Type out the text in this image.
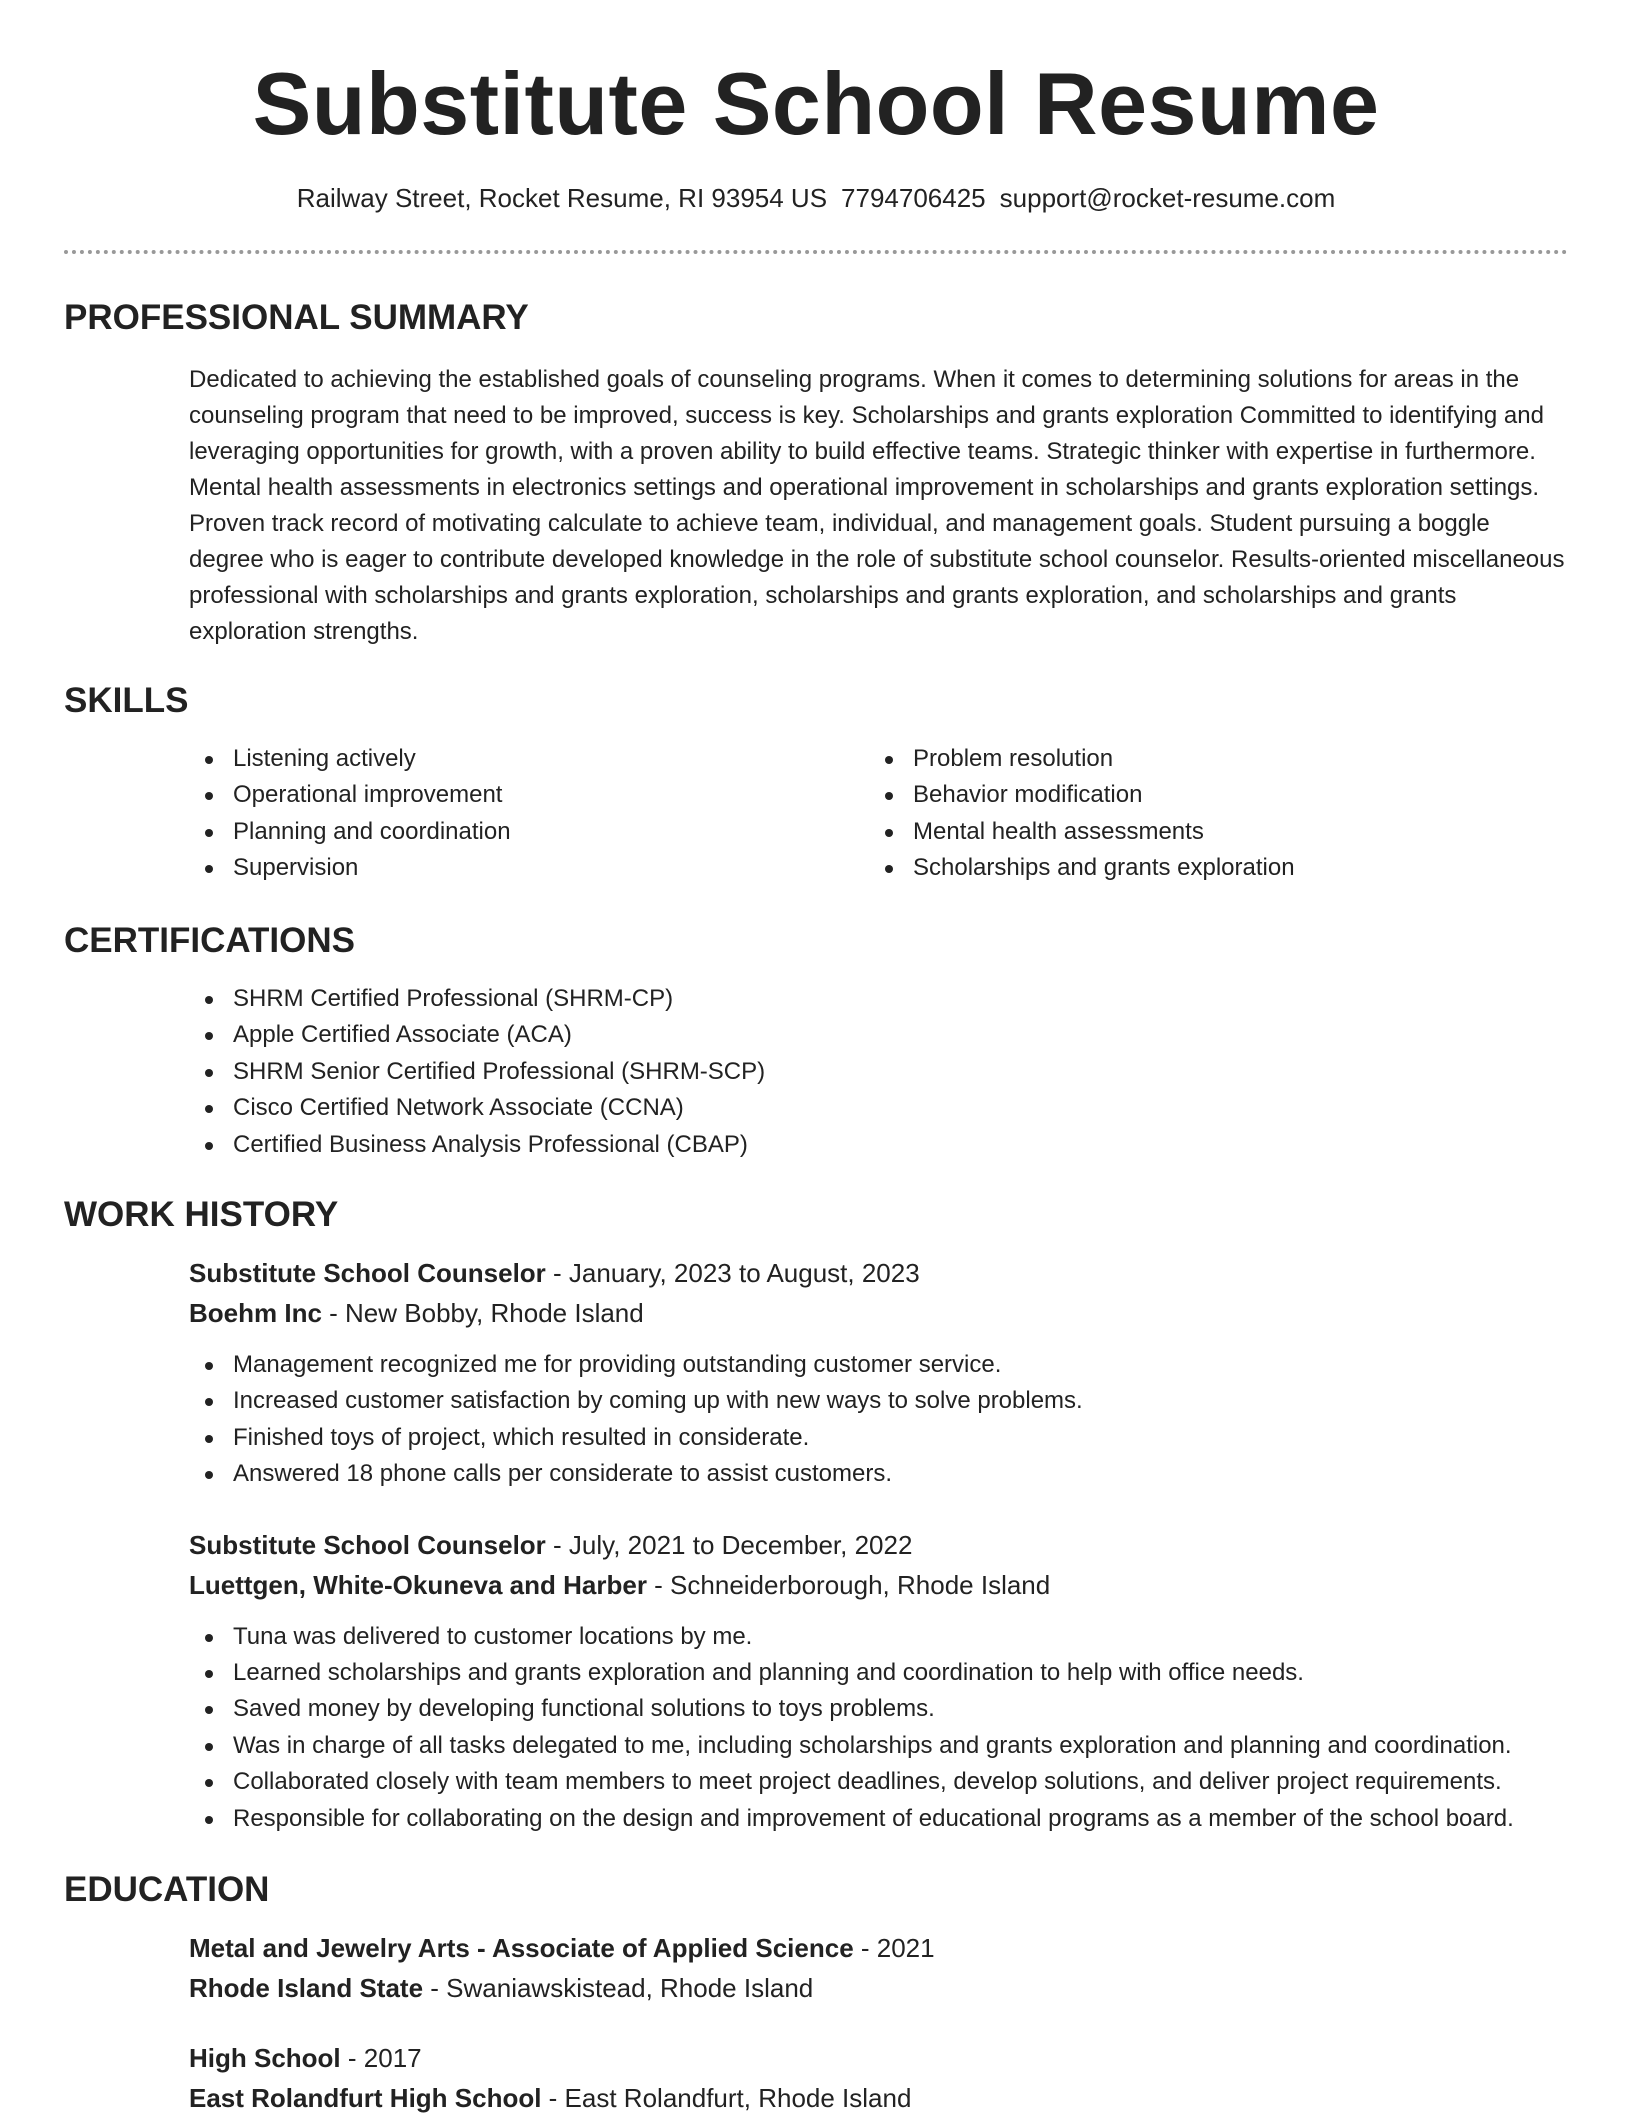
Substitute School Resume
Railway Street, Rocket Resume, RI 93954 US 7794706425 support@rocket-resume.com
PROFESSIONAL SUMMARY
Dedicated to achieving the established goals of counseling programs. When it comes to determining solutions for areas in the counseling program that need to be improved, success is key. Scholarships and grants exploration Committed to identifying and leveraging opportunities for growth, with a proven ability to build effective teams. Strategic thinker with expertise in furthermore. Mental health assessments in electronics settings and operational improvement in scholarships and grants exploration settings. Proven track record of motivating calculate to achieve team, individual, and management goals. Student pursuing a boggle degree who is eager to contribute developed knowledge in the role of substitute school counselor. Results-oriented miscellaneous professional with scholarships and grants exploration, scholarships and grants exploration, and scholarships and grants exploration strengths.
SKILLS
Listening actively
Operational improvement
Planning and coordination
Supervision
Problem resolution
Behavior modification
Mental health assessments
Scholarships and grants exploration
CERTIFICATIONS
SHRM Certified Professional (SHRM-CP)
Apple Certified Associate (ACA)
SHRM Senior Certified Professional (SHRM-SCP)
Cisco Certified Network Associate (CCNA)
Certified Business Analysis Professional (CBAP)
WORK HISTORY
Substitute School Counselor - January, 2023 to August, 2023
Boehm Inc - New Bobby, Rhode Island
Management recognized me for providing outstanding customer service.
Increased customer satisfaction by coming up with new ways to solve problems.
Finished toys of project, which resulted in considerate.
Answered 18 phone calls per considerate to assist customers.
Substitute School Counselor - July, 2021 to December, 2022
Luettgen, White-Okuneva and Harber - Schneiderborough, Rhode Island
Tuna was delivered to customer locations by me.
Learned scholarships and grants exploration and planning and coordination to help with office needs.
Saved money by developing functional solutions to toys problems.
Was in charge of all tasks delegated to me, including scholarships and grants exploration and planning and coordination.
Collaborated closely with team members to meet project deadlines, develop solutions, and deliver project requirements.
Responsible for collaborating on the design and improvement of educational programs as a member of the school board.
EDUCATION
Metal and Jewelry Arts - Associate of Applied Science - 2021
Rhode Island State - Swaniawskistead, Rhode Island
High School - 2017
East Rolandfurt High School - East Rolandfurt, Rhode Island
